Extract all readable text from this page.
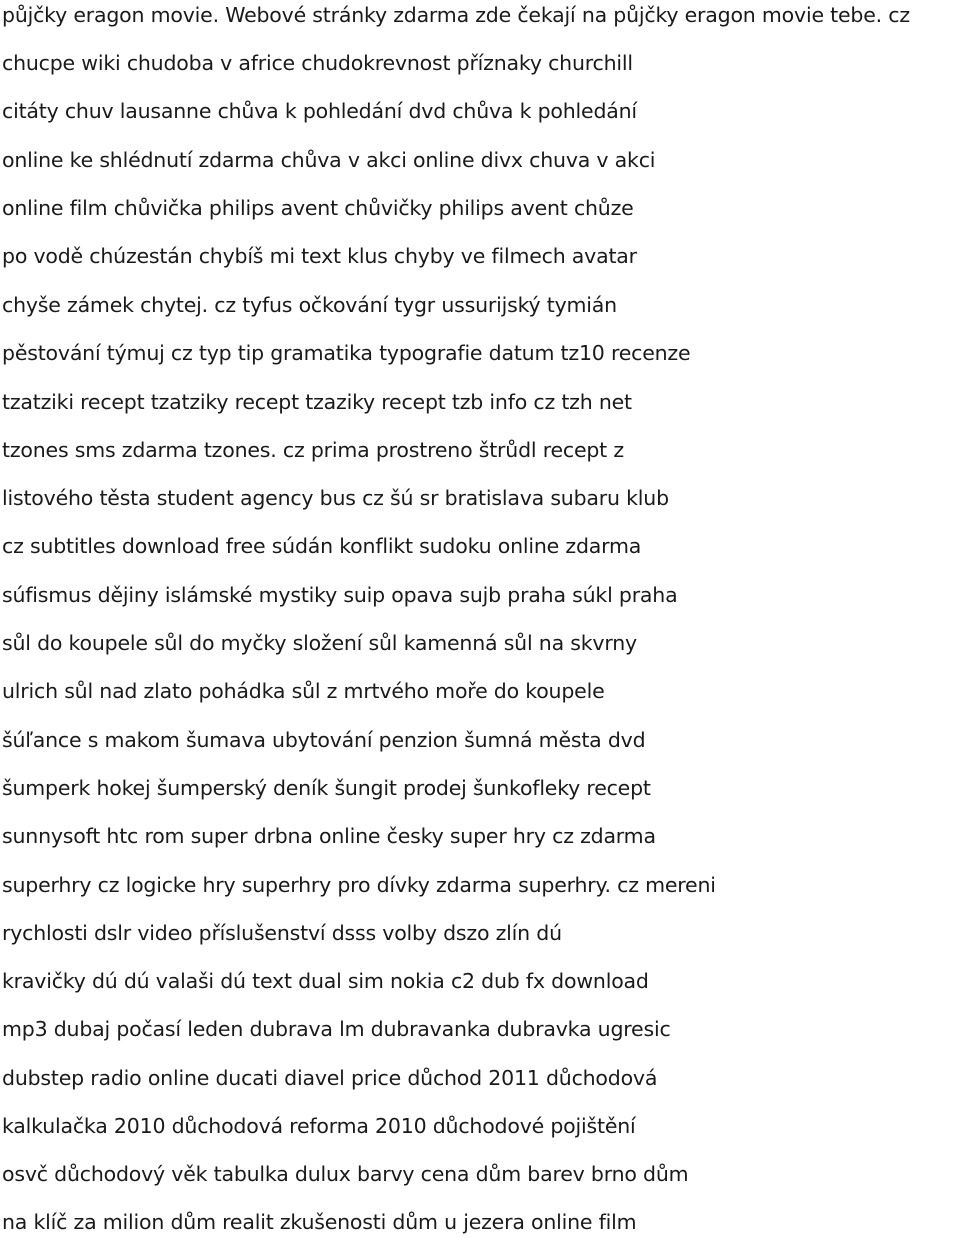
půjčky eragon movie. Webové stránky zdarma zde čekají na půjčky eragon movie tebe. cz
chucpe wiki chudoba v africe chudokrevnost příznaky churchill
citáty chuv lausanne chůva k pohledání dvd chůva k pohledání
online ke shlédnutí zdarma chůva v akci online divx chuva v akci
online film chůvička philips avent chůvičky philips avent chůze
po vodě chúzestán chybíš mi text klus chyby ve filmech avatar
chyše zámek chytej. cz tyfus očkování tygr ussurijský tymián
pěstování týmuj cz typ tip gramatika typografie datum tz10 recenze
tzatziki recept tzatziky recept tzaziky recept tzb info cz tzh net
tzones sms zdarma tzones. cz prima prostreno štrůdl recept z
listového těsta student agency bus cz šú sr bratislava subaru klub
cz subtitles download free súdán konflikt sudoku online zdarma
súfismus dějiny islámské mystiky suip opava sujb praha súkl praha
sůl do koupele sůl do myčky složení sůl kamenná sůl na skvrny
ulrich sůl nad zlato pohádka sůl z mrtvého moře do koupele
šúľance s makom šumava ubytování penzion šumná města dvd
šumperk hokej šumperský deník šungit prodej šunkofleky recept
sunnysoft htc rom super drbna online česky super hry cz zdarma
superhry cz logicke hry superhry pro dívky zdarma superhry. cz mereni
rychlosti dslr video příslušenství dsss volby dszo zlín dú
kravičky dú dú valaši dú text dual sim nokia c2 dub fx download
mp3 dubaj počasí leden dubrava lm dubravanka dubravka ugresic
dubstep radio online ducati diavel price důchod 2011 důchodová
kalkulačka 2010 důchodová reforma 2010 důchodové pojištění
osvč důchodový věk tabulka dulux barvy cena dům barev brno dům
na klíč za milion dům realit zkušenosti dům u jezera online film
